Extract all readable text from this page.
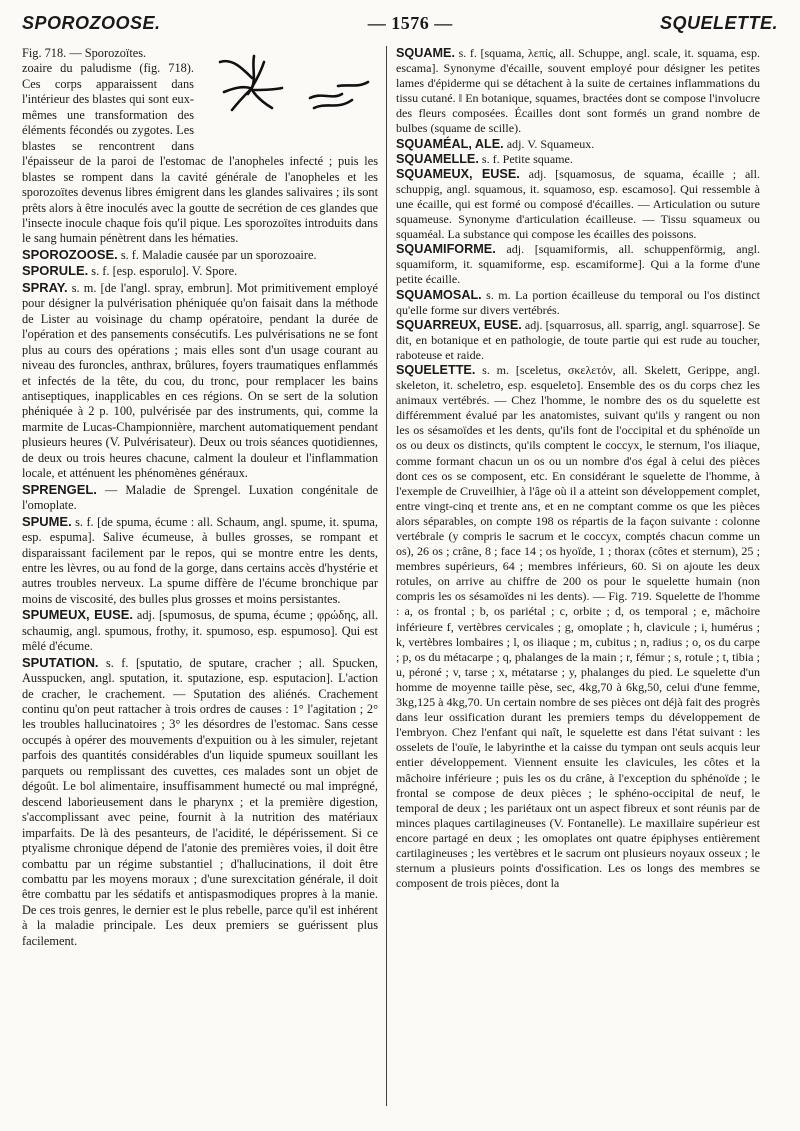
SPOROZOOSE.	— 1576 —	SQUELETTE.

Fig. 718. — Sporozoïtes.
zoaire du paludisme (fig. 718). Ces corps apparaissent dans l'intérieur des blastes qui sont eux-mêmes une transformation des éléments fécondés ou zygotes. Les blastes se rencontrent dans l'épaisseur de la paroi de l'estomac de l'anopheles infecté ; puis les blastes se rompent dans la cavité générale de l'anopheles et les sporozoïtes devenus libres émigrent dans les glandes salivaires ; ils sont prêts alors à être inoculés avec la goutte de secrétion de ces glandes que l'insecte inocule chaque fois qu'il pique. Les sporozoïtes introduits dans le sang humain pénètrent dans les hématies.

SPOROZOOSE. s. f. Maladie causée par un sporozoaire.

SPORULE. s. f. [esp. esporulo]. V. Spore.

SPRAY. s. m. [de l'angl. spray, embrun]. Mot primitivement employé pour désigner la pulvérisation phéniquée qu'on faisait dans la méthode de Lister au voisinage du champ opératoire, pendant la durée de l'opération et des pansements consécutifs. Les pulvérisations ne se font plus au cours des opérations ; mais elles sont d'un usage courant au niveau des furoncles, anthrax, brûlures, foyers traumatiques enflammés et infectés de la tête, du cou, du tronc, pour remplacer les bains antiseptiques, inapplicables en ces régions. On se sert de la solution phéniquée à 2 p. 100, pulvérisée par des instruments, qui, comme la marmite de Lucas-Championnière, marchent automatiquement pendant plusieurs heures (V. Pulvérisateur). Deux ou trois séances quotidiennes, de deux ou trois heures chacune, calment la douleur et l'inflammation locale, et atténuent les phénomènes généraux.

SPRENGEL. — Maladie de Sprengel. Luxation congénitale de l'omoplate.

SPUME. s. f. [de spuma, écume : all. Schaum, angl. spume, it. spuma, esp. espuma]. Salive écumeuse, à bulles grosses, se rompant et disparaissant facilement par le repos, qui se montre entre les dents, entre les lèvres, ou au fond de la gorge, dans certains accès d'hystérie et autres troubles nerveux. La spume diffère de l'écume bronchique par moins de viscosité, des bulles plus grosses et moins persistantes.

SPUMEUX, EUSE. adj. [spumosus, de spuma, écume ; φρώδης, all. schaumig, angl. spumous, frothy, it. spumoso, esp. espumoso]. Qui est mêlé d'écume.

SPUTATION. s. f. [sputatio, de sputare, cracher ; all. Spucken, Ausspucken, angl. sputation, it. sputazione, esp. esputacion]. L'action de cracher, le crachement. — Sputation des aliénés. Crachement continu qu'on peut rattacher à trois ordres de causes : 1° l'agitation ; 2° les troubles hallucinatoires ; 3° les désordres de l'estomac. Sans cesse occupés à opérer des mouvements d'expuition ou à les simuler, rejetant parfois des quantités considérables d'un liquide spumeux souillant les parquets ou remplissant des cuvettes, ces malades sont un objet de dégoût. Le bol alimentaire, insuffisamment humecté ou mal imprégné, descend laborieusement dans le pharynx ; et la première digestion, s'accomplissant avec peine, fournit à la nutrition des matériaux imparfaits. De là des pesanteurs, de l'acidité, le dépérissement. Si ce ptyalisme chronique dépend de l'atonie des premières voies, il doit être combattu par un régime substantiel ; d'hallucinations, il doit être combattu par les moyens moraux ; d'une surexcitation générale, il doit être combattu par les sédatifs et antispasmodiques propres à la manie. De ces trois genres, le dernier est le plus rebelle, parce qu'il est inhérent à la maladie principale. Les deux premiers se guérissent plus facilement.

SQUAME. s. f. [squama, λεπίς, all. Schuppe, angl. scale, it. squama, esp. escama]. Synonyme d'écaille, souvent employé pour désigner les petites lames d'épiderme qui se détachent à la suite de certaines inflammations du tissu cutané. ‖ En botanique, squames, bractées dont se compose l'involucre des fleurs composées. Écailles dont sont formés un grand nombre de bulbes (squame de scille).

SQUAMÉAL, ALE. adj. V. Squameux.

SQUAMELLE. s. f. Petite squame.

SQUAMEUX, EUSE. adj. [squamosus, de squama, écaille ; all. schuppig, angl. squamous, it. squamoso, esp. escamoso]. Qui ressemble à une écaille, qui est formé ou composé d'écailles. — Articulation ou suture squameuse. Synonyme d'articulation écailleuse. — Tissu squameux ou squaméal. La substance qui compose les écailles des poissons.

SQUAMIFORME. adj. [squamiformis, all. schuppenförmig, angl. squamiform, it. squamiforme, esp. escamiforme]. Qui a la forme d'une petite écaille.

SQUAMOSAL. s. m. La portion écailleuse du temporal ou l'os distinct qu'elle forme sur divers vertébrés.

SQUARREUX, EUSE. adj. [squarrosus, all. sparrig, angl. squarrose]. Se dit, en botanique et en pathologie, de toute partie qui est rude au toucher, raboteuse et raide.

SQUELETTE. s. m. [sceletus, σκελετόν, all. Skelett, Gerippe, angl. skeleton, it. scheletro, esp. esqueleto]. Ensemble des os du corps chez les animaux vertébrés. — Chez l'homme, le nombre des os du squelette est différemment évalué par les anatomistes, suivant qu'ils y rangent ou non les os sésamoïdes et les dents, qu'ils font de l'occipital et du sphénoïde un os ou deux os distincts, qu'ils comptent le coccyx, le sternum, l'os iliaque, comme formant chacun un os ou un nombre d'os égal à celui des pièces dont ces os se composent, etc. En considérant le squelette de l'homme, à l'exemple de Cruveilhier, à l'âge où il a atteint son développement complet, entre vingt-cinq et trente ans, et en ne comptant comme os que les pièces alors séparables, on compte 198 os répartis de la façon suivante : colonne vertébrale (y compris le sacrum et le coccyx, comptés chacun comme un os), 26 os ; crâne, 8 ; face 14 ; os hyoïde, 1 ; thorax (côtes et sternum), 25 ; membres supérieurs, 64 ; membres inférieurs, 60. Si on ajoute les deux rotules, on arrive au chiffre de 200 os pour le squelette humain (non compris les os sésamoïdes ni les dents). — Fig. 719. Squelette de l'homme : a, os frontal ; b, os pariétal ; c, orbite ; d, os temporal ; e, mâchoire inférieure f, vertèbres cervicales ; g, omoplate ; h, clavicule ; i, humérus ; k, vertèbres lombaires ; l, os iliaque ; m, cubitus ; n, radius ; o, os du carpe ; p, os du métacarpe ; q, phalanges de la main ; r, fémur ; s, rotule ; t, tibia ; u, péroné ; v, tarse ; x, métatarse ; y, phalanges du pied. Le squelette d'un homme de moyenne taille pèse, sec, 4kg,70 à 6kg,50, celui d'une femme, 3kg,125 à 4kg,70. Un certain nombre de ses pièces ont déjà fait des progrès dans leur ossification durant les premiers temps du développement de l'embryon. Chez l'enfant qui naît, le squelette est dans l'état suivant : les osselets de l'ouïe, le labyrinthe et la caisse du tympan ont seuls acquis leur entier développement. Viennent ensuite les clavicules, les côtes et la mâchoire inférieure ; puis les os du crâne, à l'exception du sphénoïde ; le frontal se compose de deux pièces ; le sphéno-occipital de neuf, le temporal de deux ; les pariétaux ont un aspect fibreux et sont réunis par de minces plaques cartilagineuses (V. Fontanelle). Le maxillaire supérieur est encore partagé en deux ; les omoplates ont quatre épiphyses entièrement cartilagineuses ; les vertèbres et le sacrum ont plusieurs noyaux osseux ; le sternum a plusieurs points d'ossification. Les os longs des membres se composent de trois pièces, dont la
